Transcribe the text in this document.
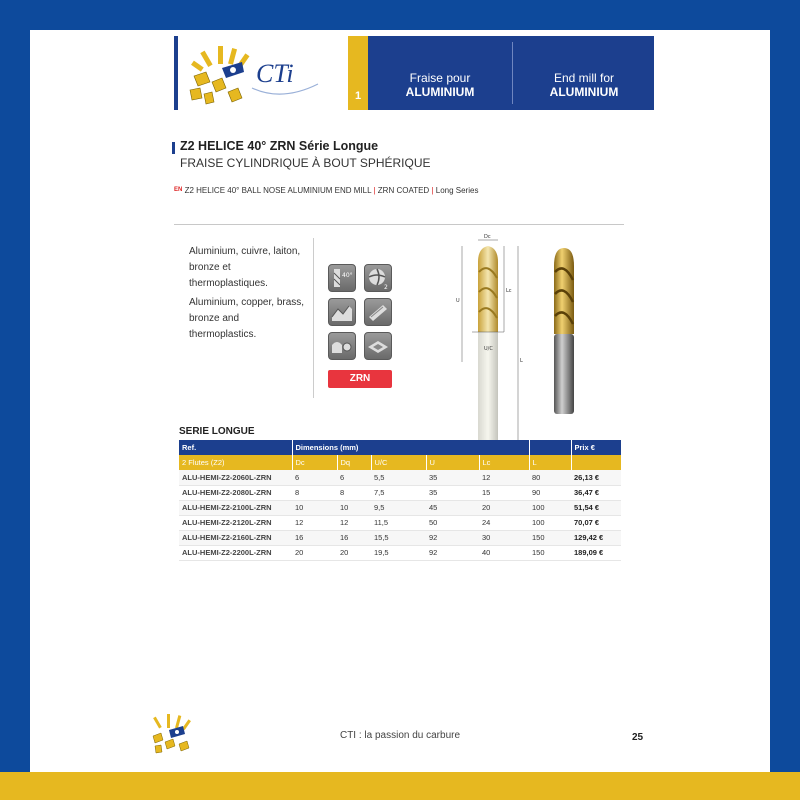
CTi
1
Fraise pour
ALUMINIUM
End mill for
ALUMINIUM
Z2 HELICE 40° ZRN Série Longue
FRAISE CYLINDRIQUE À BOUT SPHÉRIQUE
$^{EN}$ Z2 HELICE 40° BALL NOSE ALUMINIUM END MILL | ZRN COATED | Long Series

Aluminium, cuivre, laiton, bronze et thermoplastiques.

Aluminium, copper, brass, bronze and thermoplastics.

40°
2
ZRN
Dc
Lc
U
U/C
L
SERIE LONGUE
Ref.	Dimensions (mm)						Prix €
2 Flutes (Z2)	Dc	Dq	U/C	U	Lc	L	
ALU-HEMI-Z2-2060L-ZRN	6	6	5,5	35	12	80	26,13 €
ALU-HEMI-Z2-2080L-ZRN	8	8	7,5	35	15	90	36,47 €
ALU-HEMI-Z2-2100L-ZRN	10	10	9,5	45	20	100	51,54 €
ALU-HEMI-Z2-2120L-ZRN	12	12	11,5	50	24	100	70,07 €
ALU-HEMI-Z2-2160L-ZRN	16	16	15,5	92	30	150	129,42 €
ALU-HEMI-Z2-2200L-ZRN	20	20	19,5	92	40	150	189,09 €
CTI : la passion du carbure	25
